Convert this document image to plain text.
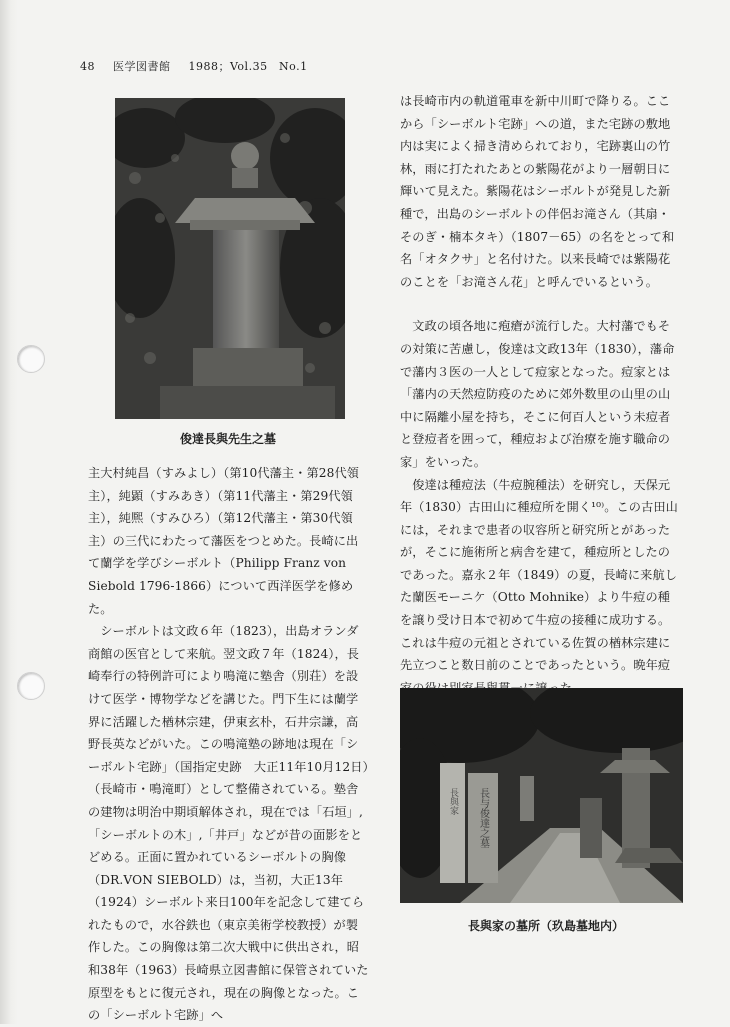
48 医学図書館 1988；Vol.35　No.1
俊達長與先生之墓

主大村純昌（すみよし）（第10代藩主・第28代領主），純顕（すみあき）（第11代藩主・第29代領主），純熈（すみひろ）（第12代藩主・第30代領主）の三代にわたって藩医をつとめた。長崎に出て蘭学を学びシーボルト（Philipp Franz von Siebold 1796-1866）について西洋医学を修めた。

シーボルトは文政６年（1823），出島オランダ商館の医官として来航。翌文政７年（1824），長崎奉行の特例許可により鳴滝に塾舎（別荘）を設けて医学・博物学などを講じた。門下生には蘭学界に活躍した楢林宗建，伊東玄朴，石井宗謙，高野長英などがいた。この鳴滝塾の跡地は現在「シーボルト宅跡」（国指定史跡　大正11年10月12日）（長崎市・鳴滝町）として整備されている。塾舎の建物は明治中期頃解体され，現在では「石垣」,「シーボルトの木」,「井戸」などが昔の面影をとどめる。正面に置かれているシーボルトの胸像（DR.VON SIEBOLD）は，当初，大正13年（1924）シーボルト来日100年を記念して建てられたもので，水谷鉄也（東京美術学校教授）が製作した。この胸像は第二次大戦中に供出され，昭和38年（1963）長崎県立図書館に保管されていた原型をもとに復元され，現在の胸像となった。この「シーボルト宅跡」へ

は長崎市内の軌道電車を新中川町で降りる。ここから「シーボルト宅跡」への道，また宅跡の敷地内は実によく掃き清められており，宅跡裏山の竹林，雨に打たれたあとの紫陽花がより一層朝日に輝いて見えた。紫陽花はシーボルトが発見した新種で，出島のシーボルトの伴侶お滝さん（其扇・そのぎ・楠本タキ）（1807－65）の名をとって和名「オタクサ」と名付けた。以来長崎では紫陽花のことを「お滝さん花」と呼んでいるという。

文政の頃各地に疱瘡が流行した。大村藩でもその対策に苦慮し，俊達は文政13年（1830），藩命で藩内３医の一人として痘家となった。痘家とは「藩内の天然痘防疫のために郊外数里の山里の山中に隔離小屋を持ち，そこに何百人という未痘者と登痘者を囲って，種痘および治療を施す職命の家」をいった。

俊達は種痘法（牛痘腕種法）を研究し，天保元年（1830）古田山に種痘所を開く¹⁰⁾。この古田山には，それまで患者の収容所と研究所とがあったが，そこに施術所と病舎を建て，種痘所としたのであった。嘉永２年（1849）の夏，長崎に来航した蘭医モーニケ（Otto Mohnike）より牛痘の種を譲り受け日本で初めて牛痘の接種に成功する。これは牛痘の元祖とされている佐賀の楢林宗建に先立つこと数日前のことであったという。晩年痘

長與家 長与俊達之墓
長與家の墓所（玖島墓地内）
